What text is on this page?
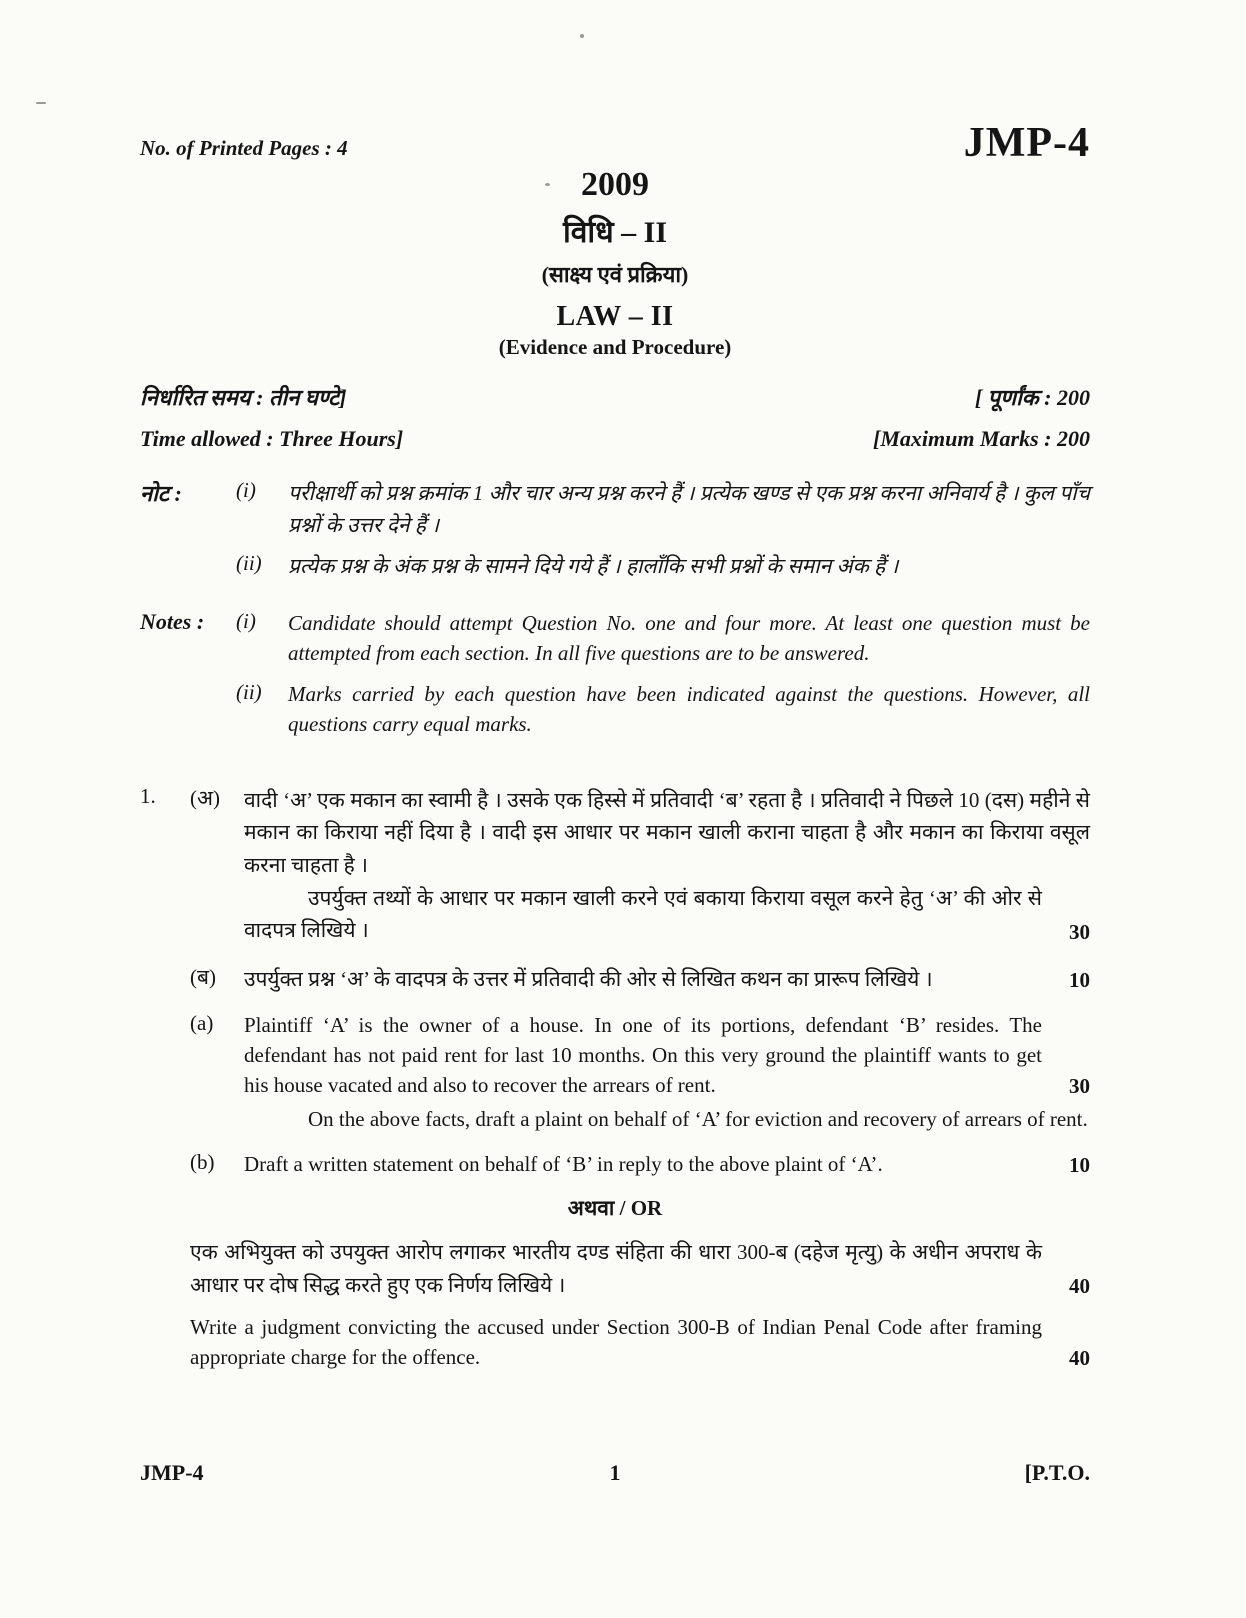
No. of Printed Pages : 4	JMP-4
2009
विधि – II
(साक्ष्य एवं प्रक्रिया)
LAW – II
(Evidence and Procedure)
निर्धारित समय : तीन घण्टे]	[ पूर्णांक : 200
Time allowed : Three Hours]	[Maximum Marks : 200
नोट :	(i)	परीक्षार्थी को प्रश्न क्रमांक 1 और चार अन्य प्रश्न करने हैं । प्रत्येक खण्ड से एक प्रश्न करना अनिवार्य है । कुल पाँच प्रश्नों के उत्तर देने हैं ।
(ii)	प्रत्येक प्रश्न के अंक प्रश्न के सामने दिये गये हैं । हालाँकि सभी प्रश्नों के समान अंक हैं ।
Notes :	(i)	Candidate should attempt Question No. one and four more. At least one question must be attempted from each section. In all five questions are to be answered.
(ii)	Marks carried by each question have been indicated against the questions. However, all questions carry equal marks.
1.	(अ)	वादी ‘अ’ एक मकान का स्वामी है । उसके एक हिस्से में प्रतिवादी ‘ब’ रहता है । प्रतिवादी ने पिछले 10 (दस) महीने से मकान का किराया नहीं दिया है । वादी इस आधार पर मकान खाली कराना चाहता है और मकान का किराया वसूल करना चाहता है ।
उपर्युक्त तथ्यों के आधार पर मकान खाली करने एवं बकाया किराया वसूल करने हेतु ‘अ’ की ओर से वादपत्र लिखिये ।	30
(ब)	उपर्युक्त प्रश्न ‘अ’ के वादपत्र के उत्तर में प्रतिवादी की ओर से लिखित कथन का प्रारूप लिखिये ।	10
(a)	Plaintiff ‘A’ is the owner of a house. In one of its portions, defendant ‘B’ resides. The defendant has not paid rent for last 10 months. On this very ground the plaintiff wants to get his house vacated and also to recover the arrears of rent.	30
On the above facts, draft a plaint on behalf of ‘A’ for eviction and recovery of arrears of rent.
(b)	Draft a written statement on behalf of ‘B’ in reply to the above plaint of ‘A’.	10
अथवा / OR
एक अभियुक्त को उपयुक्त आरोप लगाकर भारतीय दण्ड संहिता की धारा 300-ब (दहेज मृत्यु) के अधीन अपराध के आधार पर दोष सिद्ध करते हुए एक निर्णय लिखिये ।	40
Write a judgment convicting the accused under Section 300-B of Indian Penal Code after framing appropriate charge for the offence.	40
JMP-4	1	[P.T.O.
